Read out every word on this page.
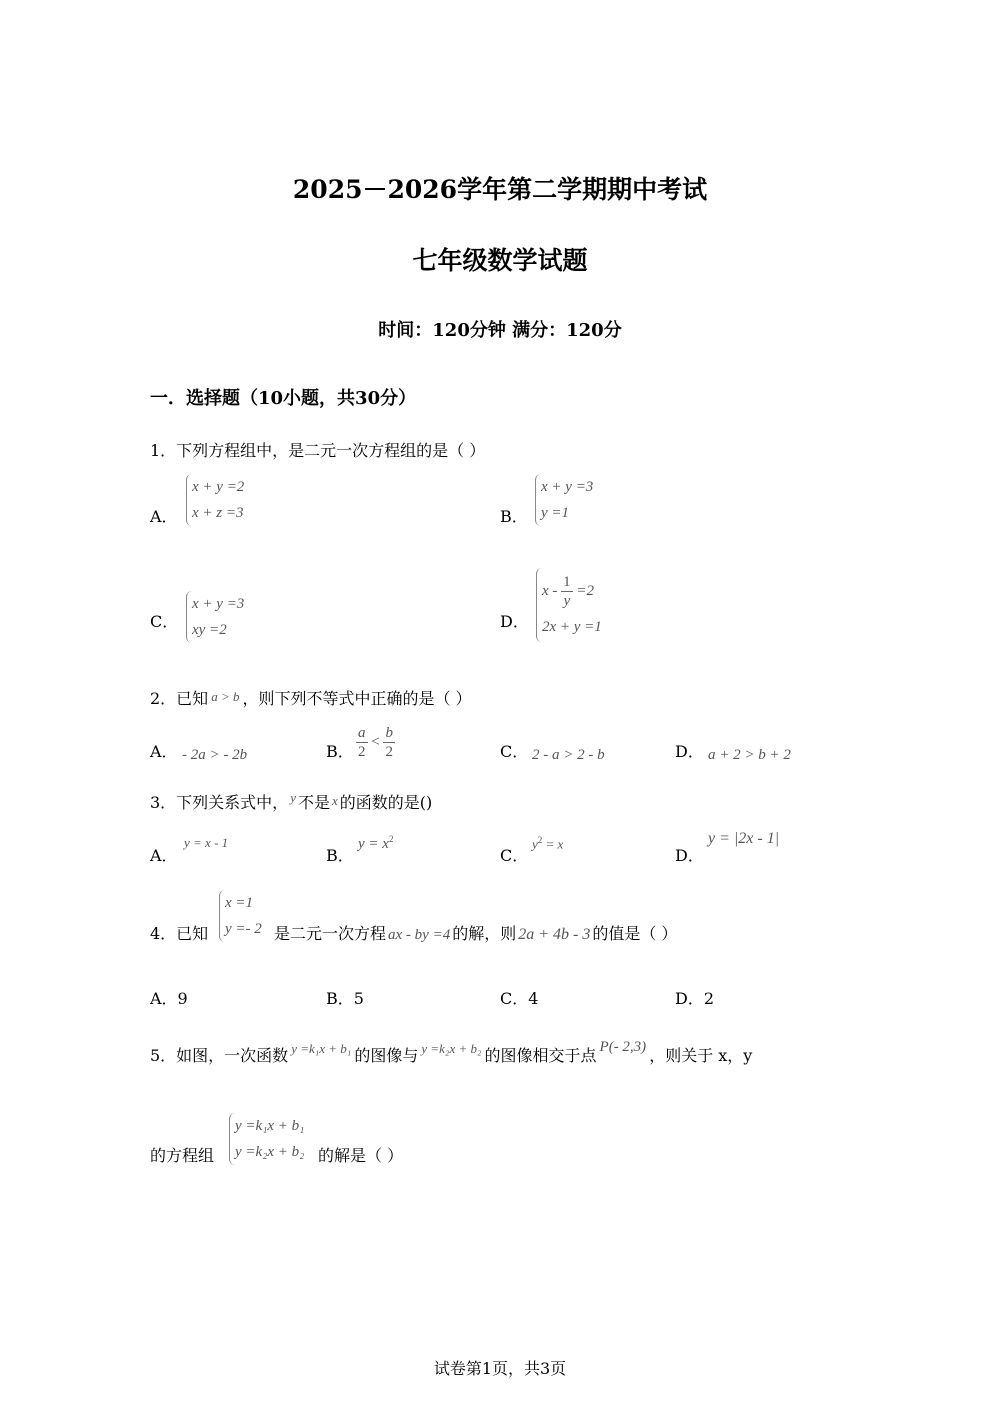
2025－2026学年第二学期期中考试
七年级数学试题
时间：120分钟 满分：120分
一．选择题（10小题，共30分）
1．下列方程组中，是二元一次方程组的是（ ）
A．
x + y =2
x + z =3	B．
x + y =3
y =1
C．
x + y =3
xy =2	D．
$x - \frac{1}{y} =2$
2x + y =1
2．已知 a > b ，则下列不等式中正确的是（ ）
A． - 2a > - 2b	B． $\frac{a}{2} < \frac{b}{2}$	C． 2 - a > 2 - b	D． a + 2 > b + 2
3．下列关系式中， $^y$ 不是 x 的函数的是()
A．
y = x - 1
B．
$y = x^2$
C．
$y^2 = x$
D．
y = |2x - 1|
4．已知
x =1
y =- 2 是二元一次方程 ax - by =4 的解，则 2a + 4b - 3 的值是（ ）
A．9	B．5	C．4	D．2
5．如图，一次函数 $^{y =k_1x + b_1}$ 的图像与 $^{y =k_2x + b_2}$ 的图像相交于点 P(- 2,3) ，则关于 x，y
的方程组
y =k₁x + b₁
y =k₂x + b₂ 的解是（ ）
试卷第1页，共3页
